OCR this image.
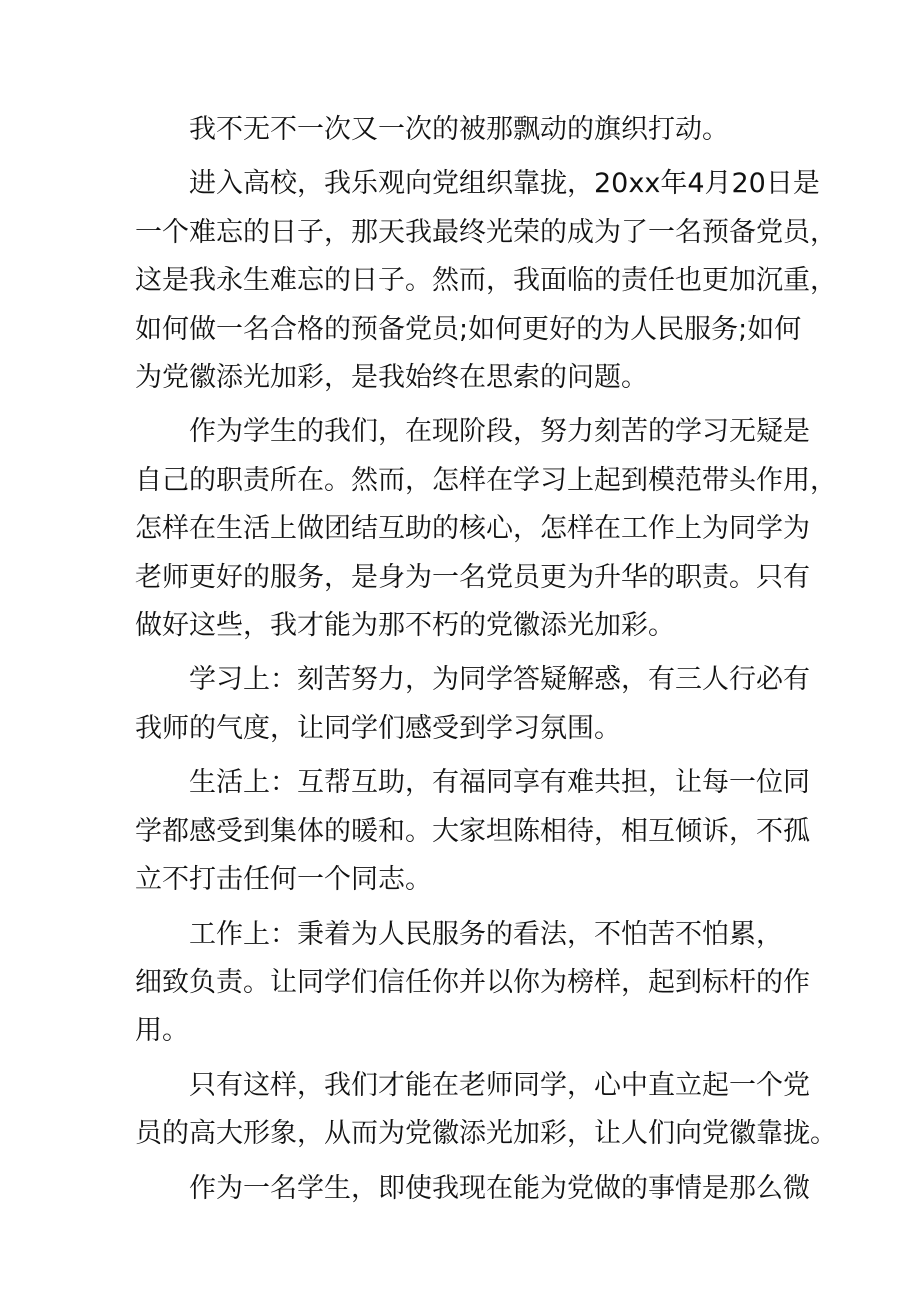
我不无不一次又一次的被那飘动的旗织打动。
进入高校，我乐观向党组织靠拢，20xx年4月20日是
一个难忘的日子，那天我最终光荣的成为了一名预备党员，
这是我永生难忘的日子。然而，我面临的责任也更加沉重，
如何做一名合格的预备党员;如何更好的为人民服务;如何
为党徽添光加彩，是我始终在思索的问题。
作为学生的我们，在现阶段，努力刻苦的学习无疑是
自己的职责所在。然而，怎样在学习上起到模范带头作用，
怎样在生活上做团结互助的核心，怎样在工作上为同学为
老师更好的服务，是身为一名党员更为升华的职责。只有
做好这些，我才能为那不朽的党徽添光加彩。
学习上：刻苦努力，为同学答疑解惑，有三人行必有
我师的气度，让同学们感受到学习氛围。
生活上：互帮互助，有福同享有难共担，让每一位同
学都感受到集体的暖和。大家坦陈相待，相互倾诉，不孤
立不打击任何一个同志。
工作上：秉着为人民服务的看法，不怕苦不怕累，
细致负责。让同学们信任你并以你为榜样，起到标杆的作
用。
只有这样，我们才能在老师同学，心中直立起一个党
员的高大形象，从而为党徽添光加彩，让人们向党徽靠拢。
作为一名学生，即使我现在能为党做的事情是那么微
